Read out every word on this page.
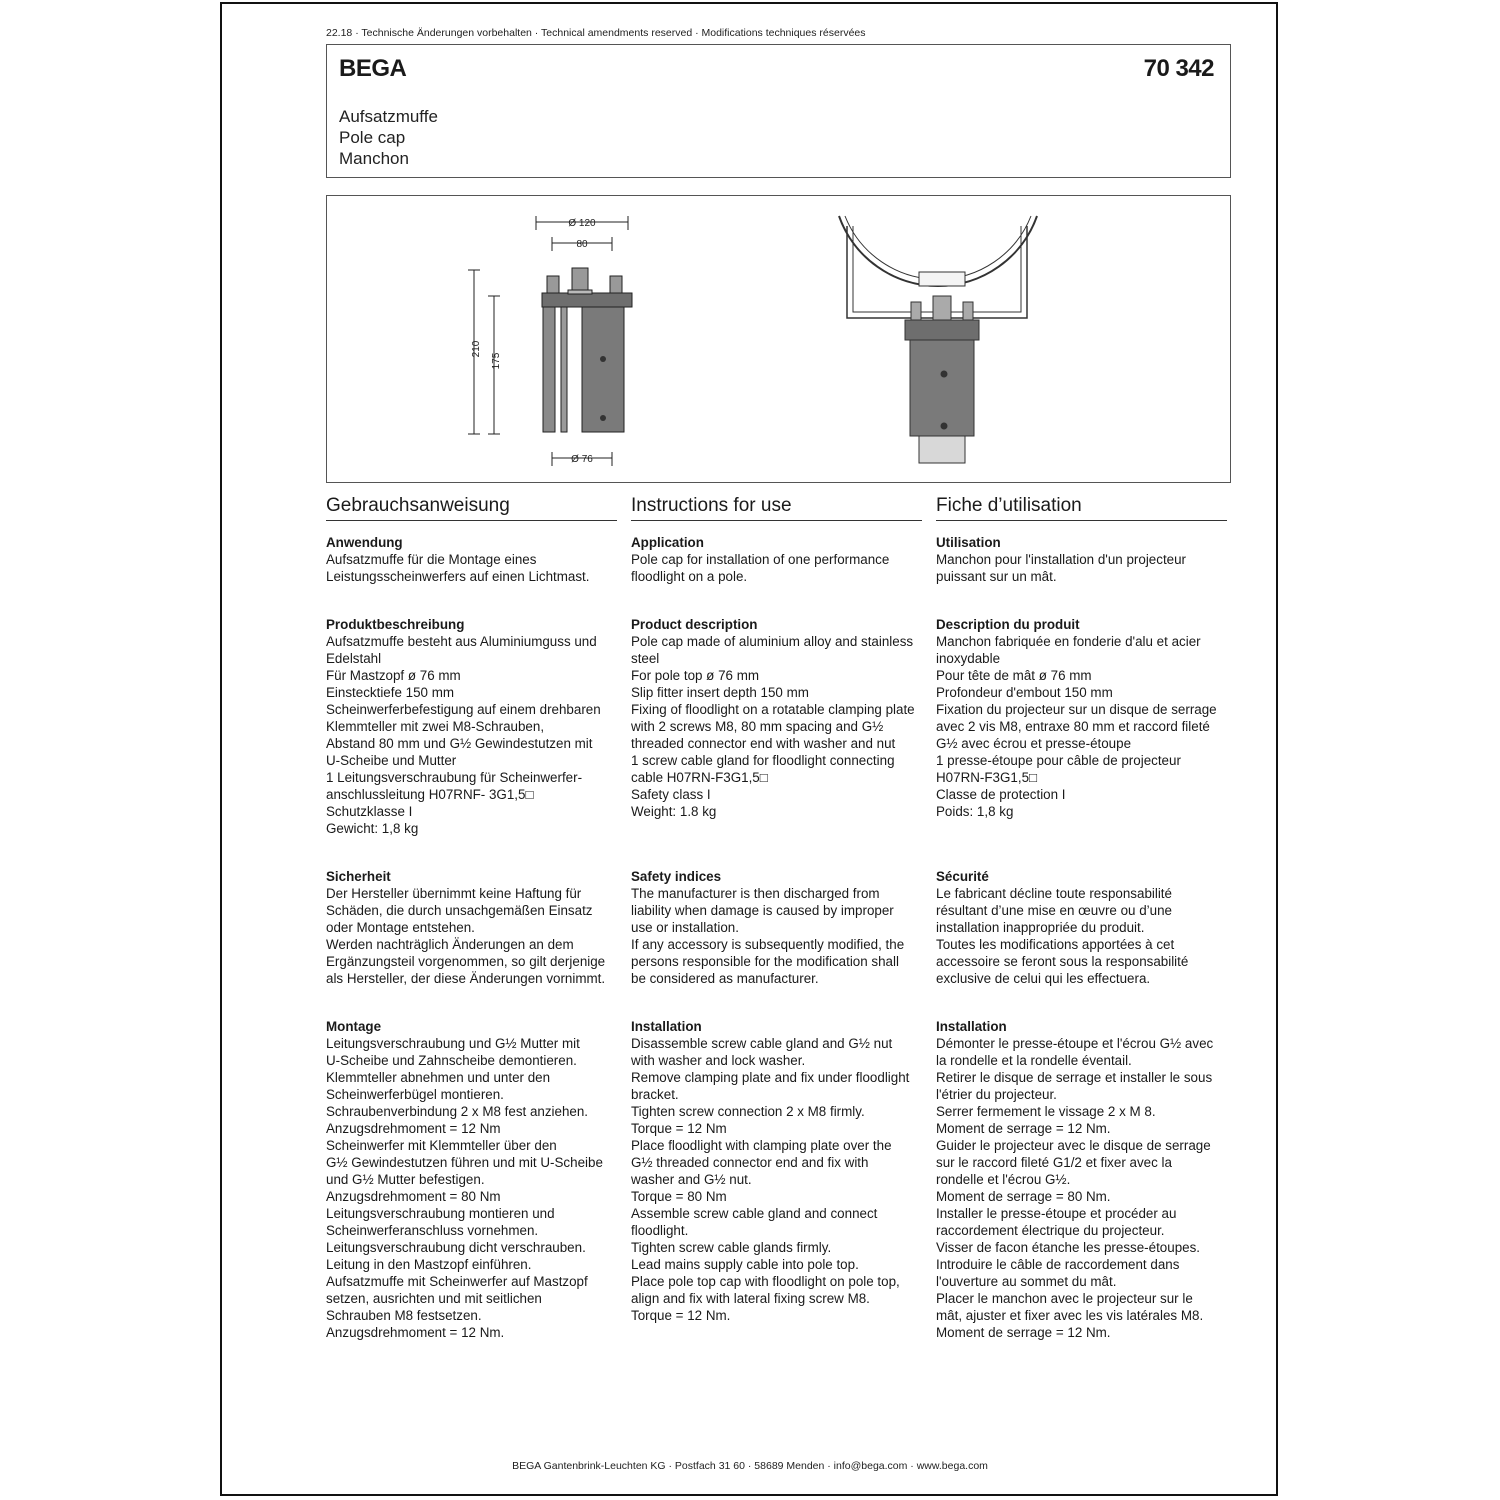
22.18 · Technische Änderungen vorbehalten · Technical amendments reserved · Modifications techniques réservées
BEGA	70 342
Aufsatzmuffe
Pole cap
Manchon
Ø 120
80
210
175
Ø 76
Gebrauchsanweisung
Anwendung
Aufsatzmuffe für die Montage eines
Leistungsscheinwerfers auf einen Lichtmast.
Produktbeschreibung
Aufsatzmuffe besteht aus Aluminiumguss und
Edelstahl
Für Mastzopf ø 76 mm
Einstecktiefe 150 mm
Scheinwerferbefestigung auf einem drehbaren
Klemmteller mit zwei M8-Schrauben,
Abstand 80 mm und G½ Gewindestutzen mit
U-Scheibe und Mutter
1 Leitungsverschraubung für Scheinwerfer-
anschlussleitung H07RNF- 3G1,5□
Schutzklasse I
Gewicht: 1,8 kg
Sicherheit
Der Hersteller übernimmt keine Haftung für
Schäden, die durch unsachgemäßen Einsatz
oder Montage entstehen.
Werden nachträglich Änderungen an dem
Ergänzungsteil vorgenommen, so gilt derjenige
als Hersteller, der diese Änderungen vornimmt.
Montage
Leitungsverschraubung und G½ Mutter mit
U-Scheibe und Zahnscheibe demontieren.
Klemmteller abnehmen und unter den
Scheinwerferbügel montieren.
Schraubenverbindung 2 x M8 fest anziehen.
Anzugsdrehmoment = 12 Nm
Scheinwerfer mit Klemmteller über den
G½ Gewindestutzen führen und mit U-Scheibe
und G½ Mutter befestigen.
Anzugsdrehmoment = 80 Nm
Leitungsverschraubung montieren und
Scheinwerferanschluss vornehmen.
Leitungsverschraubung dicht verschrauben.
Leitung in den Mastzopf einführen.
Aufsatzmuffe mit Scheinwerfer auf Mastzopf
setzen, ausrichten und mit seitlichen
Schrauben M8 festsetzen.
Anzugsdrehmoment = 12 Nm.
Instructions for use
Application
Pole cap for installation of one performance
floodlight on a pole.
Product description
Pole cap made of aluminium alloy and stainless
steel
For pole top ø 76 mm
Slip fitter insert depth 150 mm
Fixing of floodlight on a rotatable clamping plate
with 2 screws M8, 80 mm spacing and G½
threaded connector end with washer and nut
1 screw cable gland for floodlight connecting
cable H07RN-F3G1,5□
Safety class I
Weight: 1.8 kg
Safety indices
The manufacturer is then discharged from
liability when damage is caused by improper
use or installation.
If any accessory is subsequently modified, the
persons responsible for the modification shall
be considered as manufacturer.
Installation
Disassemble screw cable gland and G½ nut
with washer and lock washer.
Remove clamping plate and fix under floodlight
bracket.
Tighten screw connection 2 x M8 firmly.
Torque = 12 Nm
Place floodlight with clamping plate over the
G½ threaded connector end and fix with
washer and G½ nut.
Torque = 80 Nm
Assemble screw cable gland and connect
floodlight.
Tighten screw cable glands firmly.
Lead mains supply cable into pole top.
Place pole top cap with floodlight on pole top,
align and fix with lateral fixing screw M8.
Torque = 12 Nm.
Fiche d’utilisation
Utilisation
Manchon pour l'installation d'un projecteur
puissant sur un mât.
Description du produit
Manchon fabriquée en fonderie d'alu et acier
inoxydable
Pour tête de mât ø 76 mm
Profondeur d'embout 150 mm
Fixation du projecteur sur un disque de serrage
avec 2 vis M8, entraxe 80 mm et raccord fileté
G½ avec écrou et presse-étoupe
1 presse-étoupe pour câble de projecteur
H07RN-F3G1,5□
Classe de protection I
Poids: 1,8 kg
Sécurité
Le fabricant décline toute responsabilité
résultant d’une mise en œuvre ou d’une
installation inappropriée du produit.
Toutes les modifications apportées à cet
accessoire se feront sous la responsabilité
exclusive de celui qui les effectuera.
Installation
Démonter le presse-étoupe et l'écrou G½ avec
la rondelle et la rondelle éventail.
Retirer le disque de serrage et installer le sous
l'étrier du projecteur.
Serrer fermement le vissage 2 x M 8.
Moment de serrage = 12 Nm.
Guider le projecteur avec le disque de serrage
sur le raccord fileté G1/2 et fixer avec la
rondelle et l'écrou G½.
Moment de serrage = 80 Nm.
Installer le presse-étoupe et procéder au
raccordement électrique du projecteur.
Visser de facon étanche les presse-étoupes.
Introduire le câble de raccordement dans
l'ouverture au sommet du mât.
Placer le manchon avec le projecteur sur le
mât, ajuster et fixer avec les vis latérales M8.
Moment de serrage = 12 Nm.
BEGA Gantenbrink-Leuchten KG · Postfach 31 60 · 58689 Menden · info@bega.com · www.bega.com
